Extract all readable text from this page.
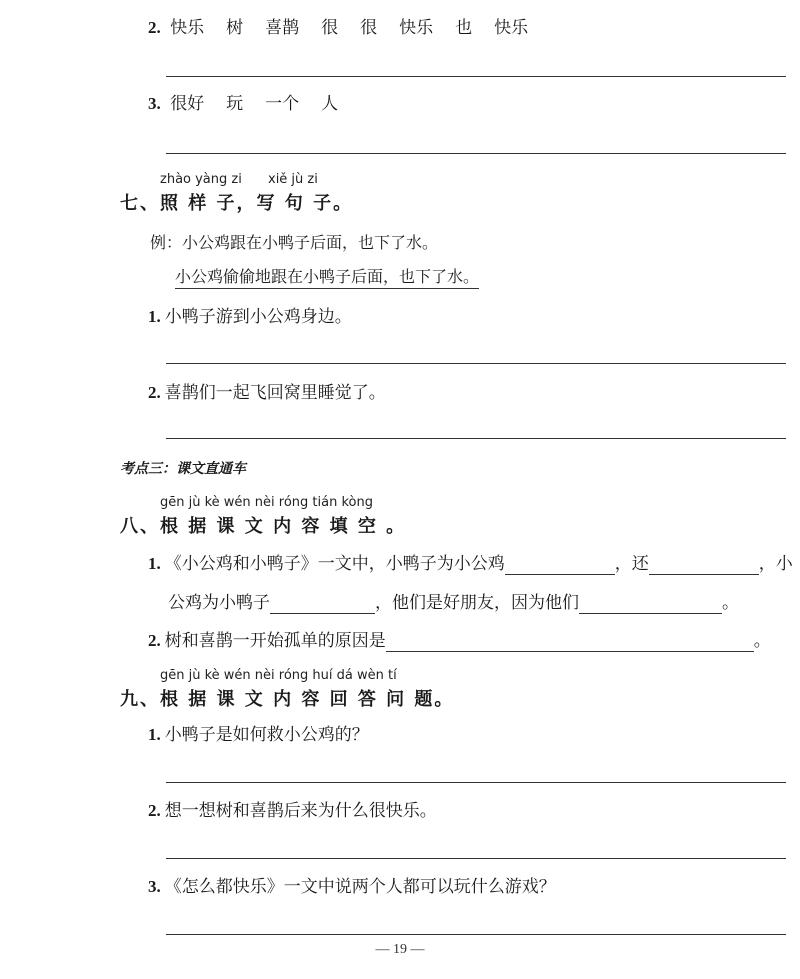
2. 快乐 树 喜鹊 很 很 快乐 也 快乐
3. 很好 玩 一个 人
zhào yàng zi xiě jù zi
七、照 样 子，写 句 子。
例：小公鸡跟在小鸭子后面，也下了水。
小公鸡偷偷地跟在小鸭子后面，也下了水。
1. 小鸭子游到小公鸡身边。
2. 喜鹊们一起飞回窝里睡觉了。
考点三：课文直通车
gēn jù kè wén nèi róng tián kòng
八、根 据 课 文 内 容 填 空 。
1. 《小公鸡和小鸭子》一文中，小鸭子为小公鸡	，还	，小
公鸡为小鸭子	，他们是好朋友，因为他们	。
2. 树和喜鹊一开始孤单的原因是	。
gēn jù kè wén nèi róng huí dá wèn tí
九、根 据 课 文 内 容 回 答 问 题。
1. 小鸭子是如何救小公鸡的？
2. 想一想树和喜鹊后来为什么很快乐。
3. 《怎么都快乐》一文中说两个人都可以玩什么游戏？
— 19 —
